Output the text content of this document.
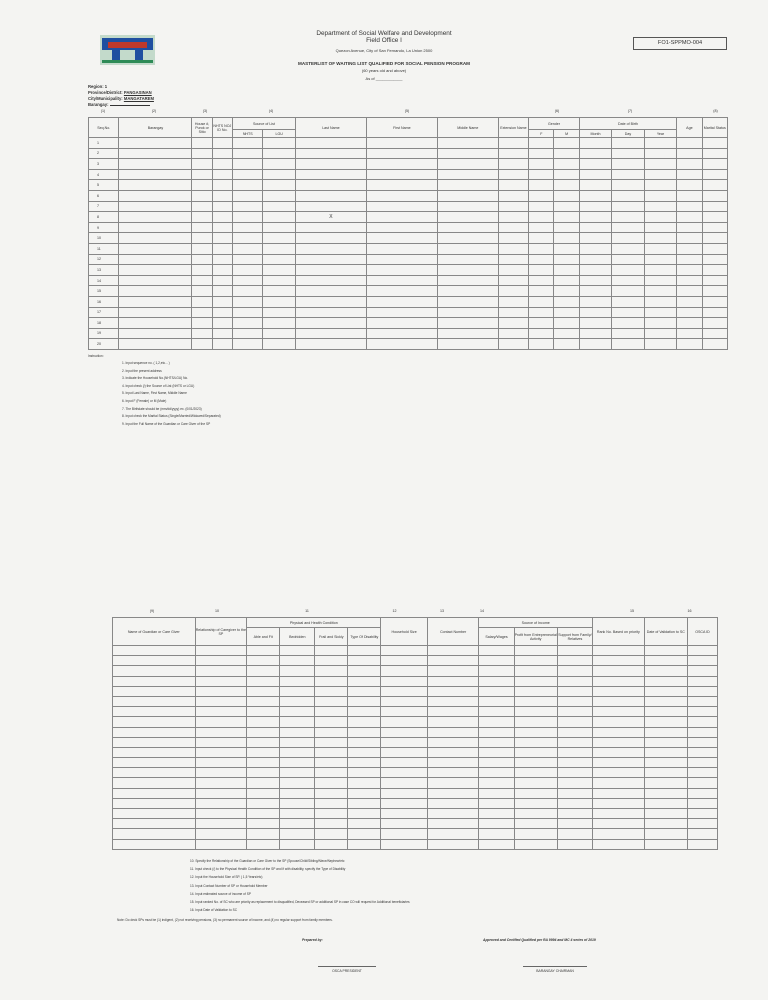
Department of Social Welfare and Development
Field Office I	FO1-SPPMO-004
Quezon Avenue, City of San Fernando, La Union 2500
MASTERLIST OF WAITING LIST QUALIFIED FOR SOCIAL PENSION PROGRAM
(60 years old and above)
As of ____________
Region: 1
Province/District: PANGASINAN
City/Municipality: MANGATAREM
Barangay:
(1)	(2)	(3)		(4)		(5)			(6)	(7)		(8)
Seq.No.	Barangay	House #, Purok or Sitio	NHTS NOJ ID No.	Source of List		Last Name	First Name	Middle Name	Extension Name	Gender		Date of Birth			Age	Marital Status
				NHTS	LGU					F	M	Month	Day	Year		
1																
2																
3																
4																
5																
6																
7																
8						X										
9																
10																
11																
12																
13																
14																
15																
16																
17																
18																
19																
20																
Instruction:
1. Input sequence no. ( 1,2,etc... )
2. Input the present address
3. Indicate the Household No.(NHTS/LGU) No.
4. Input check (/) the Source of List (NHTS or LGU)
5. Input Last Name, First Name, Middle Name
6. Input F (Female) or M (Male)
7. The Birthdate should be (mm/dd/yyyy) ex. (0/01/2023)
8. Input check the Marital Status (Single/Married/Widowed/Separated)
9. Input the Full Name of the Guardian or Care Giver of the SP
(9)	10	11	12	13	14		15	16
Name of Guardian or Care Giver	Relationship of Caregiver to the SP	Physical and Health Condition				Household Size	Contact Number	Source of Income			Rank No. Based on priority	Date of Validation to SC	OSCA ID
		Able and Fit	Bedridden	Frail and Sickly	Type Of Disability			Salary/Wages	Profit from Entrepreneurial Activity	Support from Family/ Relatives			

10. Specify the Relationship of the Guardian or Care Giver to the SP (Spouse/Child/Sibling/Niece/Nephew/etc
11. Input check (/) to the Physical Health Condition of the SP and if with disability, specify the Type of Disability
12. Input the Household Size of SP. ( 1,5 Years/etc)
13. Input Contact Number of SP or Household Member
14. Input estimated source of income of SP
15. Input ranked No. of SC who are priority as replacement to disqualified, Deceased SP or additional SP in case CO will request for Additional beneficiaries
16. Input Date of Validation to SC
Note: Do deck SPs must be (1) indigent, (2) not receiving pensions, (3) no permanent source of income, and (4) no regular support from family members.
Prepared by:	Approved and Certified Qualified per RA 9994 and MC 4 series of 2019
OSCA PRESIDENT	BARANGAY CHAIRMAN
